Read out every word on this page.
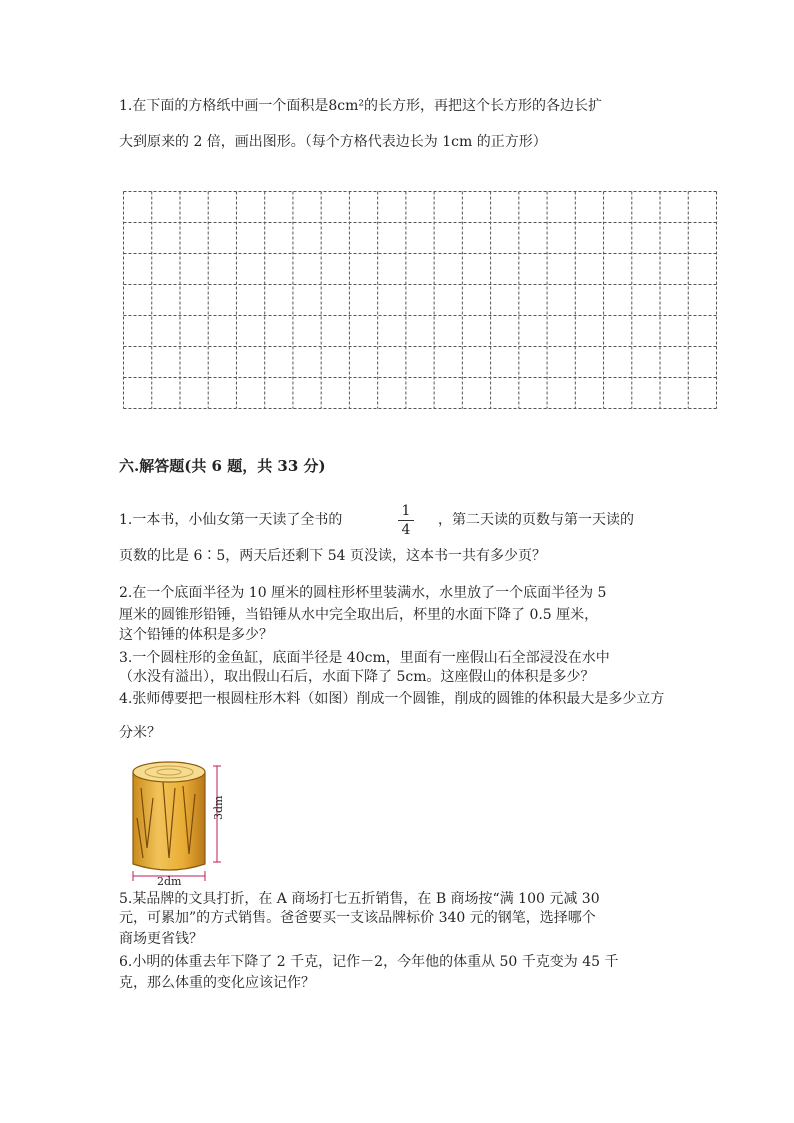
1.在下面的方格纸中画一个面积是8cm²的长方形，再把这个长方形的各边长扩
大到原来的 2 倍，画出图形。（每个方格代表边长为 1cm 的正方形）
六.解答题(共 6 题，共 33 分)
1.一本书，小仙女第一天读了全书的
1
4
，第二天读的页数与第一天读的
页数的比是 6∶5，两天后还剩下 54 页没读，这本书一共有多少页？
2.在一个底面半径为 10 厘米的圆柱形杯里装满水，水里放了一个底面半径为 5
厘米的圆锥形铅锤，当铅锤从水中完全取出后，杯里的水面下降了 0.5 厘米，
这个铅锤的体积是多少？
3.一个圆柱形的金鱼缸，底面半径是 40cm，里面有一座假山石全部浸没在水中
（水没有溢出），取出假山石后，水面下降了 5cm。这座假山的体积是多少？
4.张师傅要把一根圆柱形木料（如图）削成一个圆锥，削成的圆锥的体积最大是多少立方
分米？
3dm
2dm
5.某品牌的文具打折，在 A 商场打七五折销售，在 B 商场按“满 100 元减 30
元，可累加”的方式销售。爸爸要买一支该品牌标价 340 元的钢笔，选择哪个
商场更省钱？
6.小明的体重去年下降了 2 千克，记作－2，今年他的体重从 50 千克变为 45 千
克，那么体重的变化应该记作？
